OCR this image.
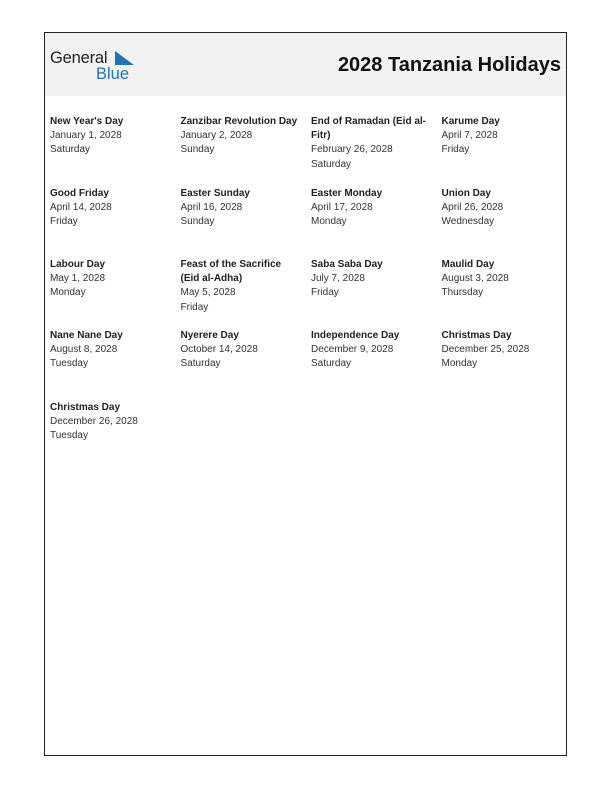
General
Blue	2028 Tanzania Holidays
New Year's Day
January 1, 2028
Saturday
Zanzibar Revolution Day
January 2, 2028
Sunday
End of Ramadan (Eid al-Fitr)
February 26, 2028
Saturday
Karume Day
April 7, 2028
Friday
Good Friday
April 14, 2028
Friday
Easter Sunday
April 16, 2028
Sunday
Easter Monday
April 17, 2028
Monday
Union Day
April 26, 2028
Wednesday
Labour Day
May 1, 2028
Monday
Feast of the Sacrifice (Eid al-Adha)
May 5, 2028
Friday
Saba Saba Day
July 7, 2028
Friday
Maulid Day
August 3, 2028
Thursday
Nane Nane Day
August 8, 2028
Tuesday
Nyerere Day
October 14, 2028
Saturday
Independence Day
December 9, 2028
Saturday
Christmas Day
December 25, 2028
Monday
Christmas Day
December 26, 2028
Tuesday
